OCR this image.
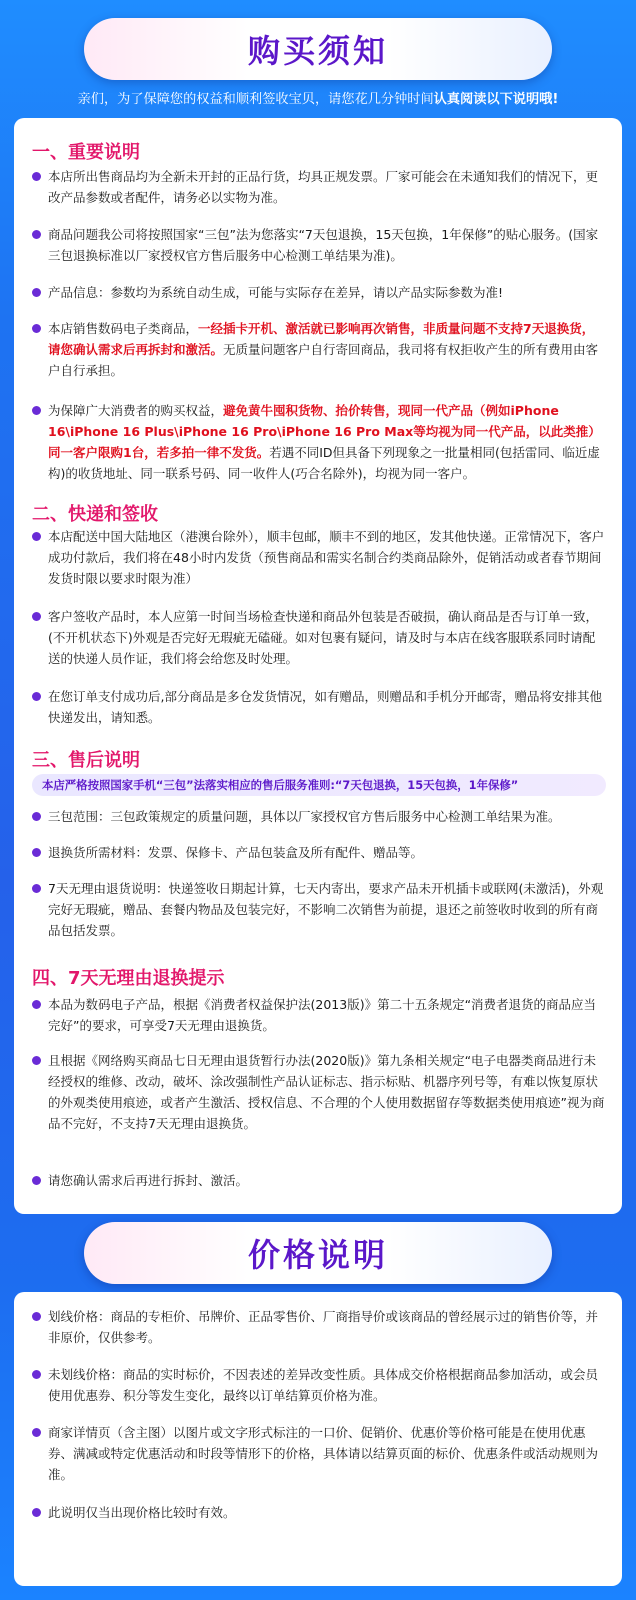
购买须知
亲们，为了保障您的权益和顺利签收宝贝，请您花几分钟时间认真阅读以下说明哦!
一、重要说明
本店所出售商品均为全新未开封的正品行货，均具正规发票。厂家可能会在未通知我们的情况下，更改产品参数或者配件，请务必以实物为准。
商品问题我公司将按照国家“三包”法为您落实“7天包退换，15天包换，1年保修”的贴心服务。(国家三包退换标准以厂家授权官方售后服务中心检测工单结果为准)。
产品信息：参数均为系统自动生成，可能与实际存在差异，请以产品实际参数为准!
本店销售数码电子类商品，一经插卡开机、激活就已影响再次销售，非质量问题不支持7天退换货，请您确认需求后再拆封和激活。无质量问题客户自行寄回商品，我司将有权拒收产生的所有费用由客户自行承担。
为保障广大消费者的购买权益，避免黄牛囤积货物、抬价转售，现同一代产品（例如iPhone 16\iPhone 16 Plus\iPhone 16 Pro\iPhone 16 Pro Max等均视为同一代产品，以此类推）同一客户限购1台，若多拍一律不发货。若遇不同ID但具备下列现象之一批量相同(包括雷同、临近虚构)的收货地址、同一联系号码、同一收件人(巧合名除外)，均视为同一客户。
二、快递和签收
本店配送中国大陆地区（港澳台除外），顺丰包邮，顺丰不到的地区，发其他快递。正常情况下，客户成功付款后，我们将在48小时内发货（预售商品和需实名制合约类商品除外，促销活动或者春节期间发货时限以要求时限为准）
客户签收产品时，本人应第一时间当场检查快递和商品外包装是否破损，确认商品是否与订单一致，(不开机状态下)外观是否完好无瑕疵无磕碰。如对包裹有疑问，请及时与本店在线客服联系同时请配送的快递人员作证，我们将会给您及时处理。
在您订单支付成功后,部分商品是多仓发货情况，如有赠品，则赠品和手机分开邮寄，赠品将安排其他快递发出，请知悉。
三、售后说明
本店严格按照国家手机“三包”法落实相应的售后服务准则:“7天包退换，15天包换，1年保修”
三包范围：三包政策规定的质量问题，具体以厂家授权官方售后服务中心检测工单结果为准。
退换货所需材料：发票、保修卡、产品包装盒及所有配件、赠品等。
7天无理由退货说明：快递签收日期起计算，七天内寄出，要求产品未开机插卡或联网(未激活)，外观完好无瑕疵，赠品、套餐内物品及包装完好，不影响二次销售为前提，退还之前签收时收到的所有商品包括发票。
四、7天无理由退换提示
本品为数码电子产品，根据《消费者权益保护法(2013版)》第二十五条规定“消费者退货的商品应当完好”的要求，可享受7天无理由退换货。
且根据《网络购买商品七日无理由退货暂行办法(2020版)》第九条相关规定“电子电器类商品进行未经授权的维修、改动，破坏、涂改强制性产品认证标志、指示标贴、机器序列号等，有难以恢复原状的外观类使用痕迹，或者产生激活、授权信息、不合理的个人使用数据留存等数据类使用痕迹”视为商品不完好，不支持7天无理由退换货。
请您确认需求后再进行拆封、激活。
价格说明
划线价格：商品的专柜价、吊牌价、正品零售价、厂商指导价或该商品的曾经展示过的销售价等，并非原价，仅供参考。
未划线价格：商品的实时标价，不因表述的差异改变性质。具体成交价格根据商品参加活动，或会员使用优惠券、积分等发生变化，最终以订单结算页价格为准。
商家详情页（含主图）以图片或文字形式标注的一口价、促销价、优惠价等价格可能是在使用优惠券、满减或特定优惠活动和时段等情形下的价格，具体请以结算页面的标价、优惠条件或活动规则为准。
此说明仅当出现价格比较时有效。
